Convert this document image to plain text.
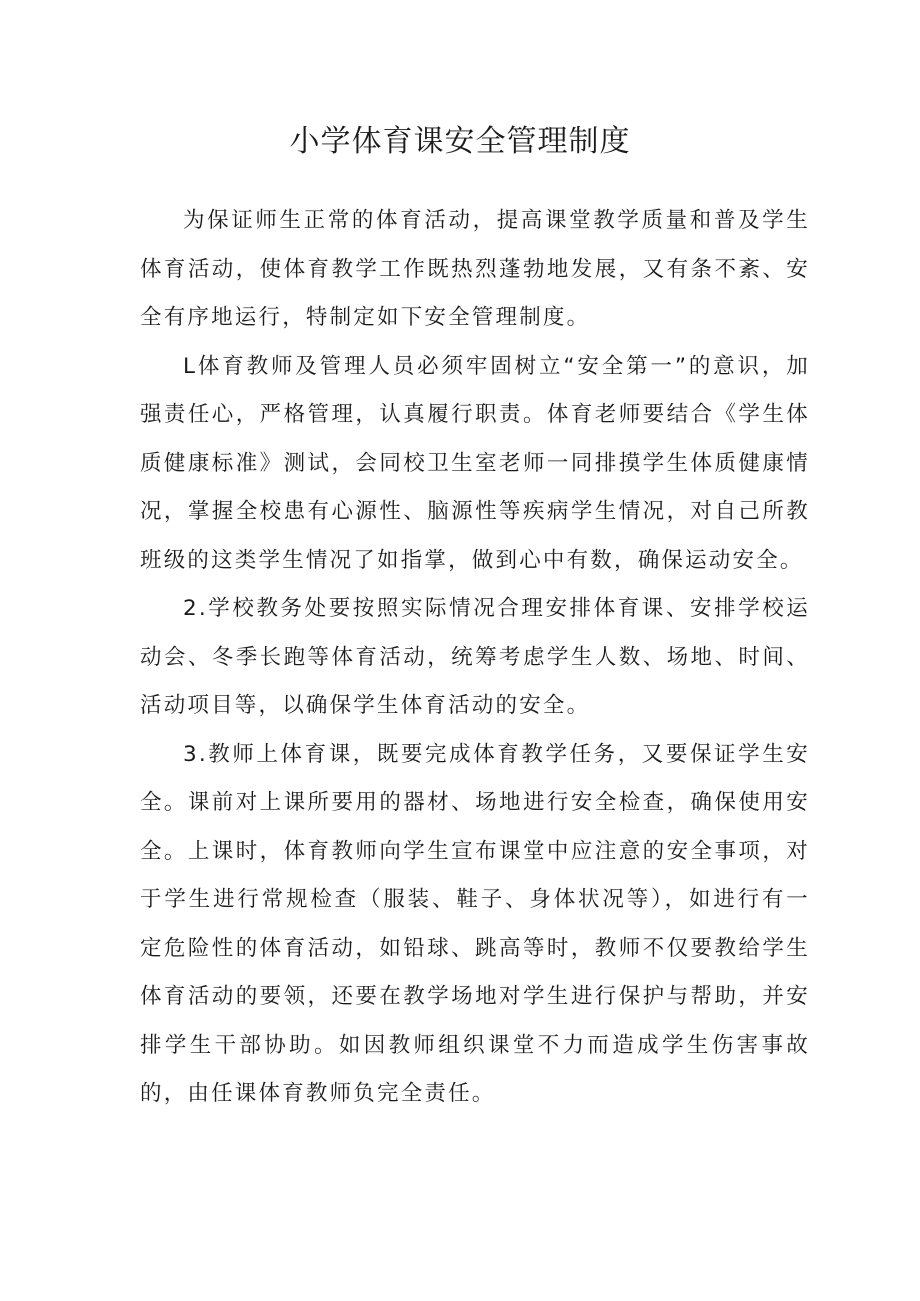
小学体育课安全管理制度

为保证师生正常的体育活动，提高课堂教学质量和普及学生体育活动，使体育教学工作既热烈蓬勃地发展，又有条不紊、安全有序地运行，特制定如下安全管理制度。

L体育教师及管理人员必须牢固树立“安全第一”的意识，加强责任心，严格管理，认真履行职责。体育老师要结合《学生体质健康标准》测试，会同校卫生室老师一同排摸学生体质健康情况，掌握全校患有心源性、脑源性等疾病学生情况，对自己所教班级的这类学生情况了如指掌，做到心中有数，确保运动安全。

2.学校教务处要按照实际情况合理安排体育课、安排学校运动会、冬季长跑等体育活动，统筹考虑学生人数、场地、时间、活动项目等，以确保学生体育活动的安全。

3.教师上体育课，既要完成体育教学任务，又要保证学生安全。课前对上课所要用的器材、场地进行安全检查，确保使用安全。上课时，体育教师向学生宣布课堂中应注意的安全事项，对于学生进行常规检查（服装、鞋子、身体状况等），如进行有一定危险性的体育活动，如铅球、跳高等时，教师不仅要教给学生体育活动的要领，还要在教学场地对学生进行保护与帮助，并安排学生干部协助。如因教师组织课堂不力而造成学生伤害事故的，由任课体育教师负完全责任。
